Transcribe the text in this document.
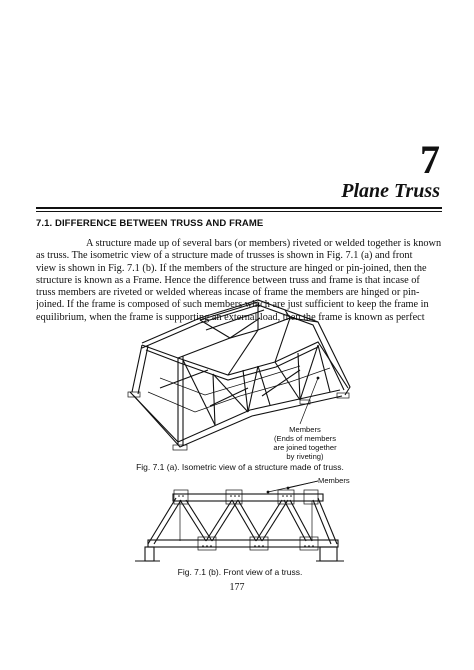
7
Plane Truss
7.1. DIFFERENCE BETWEEN TRUSS AND FRAME
A structure made up of several bars (or members) riveted or welded together is known
as truss. The isometric view of a structure made of trusses is shown in Fig. 7.1 (a) and front
view is shown in Fig. 7.1 (b). If the members of the structure are hinged or pin-joined, then the
structure is known as a Frame. Hence the difference between truss and frame is that incase of
truss members are riveted or welded whereas incase of frame the members are hinged or pin-
joined. If the frame is composed of such members which are just sufficient to keep the frame in
equilibrium, when the frame is supporting an external load, then the frame is known as perfect
Members
(Ends of members
are joined together
by riveting)
Fig. 7.1 (a). Isometric view of a structure made of truss.
Members
Fig. 7.1 (b). Front view of a truss.
177
